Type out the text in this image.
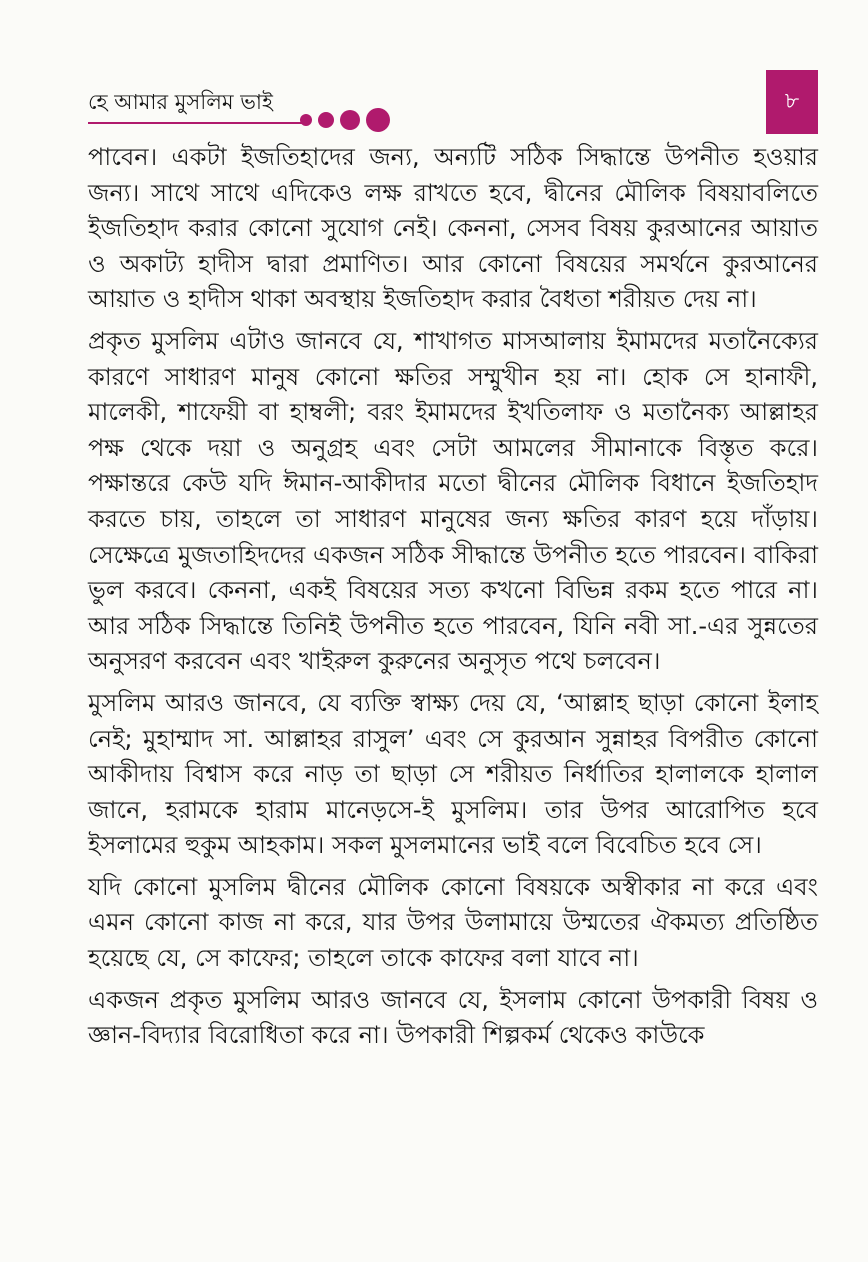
হে আমার মুসলিম ভাই	৮

পাবেন। একটা ইজতিহাদের জন্য, অন্যটি সঠিক সিদ্ধান্তে উপনীত হওয়ার জন্য। সাথে সাথে এদিকেও লক্ষ রাখতে হবে, দ্বীনের মৌলিক বিষয়াবলিতে ইজতিহাদ করার কোনো সুযোগ নেই। কেননা, সেসব বিষয় কুরআনের আয়াত ও অকাট্য হাদীস দ্বারা প্রমাণিত। আর কোনো বিষয়ের সমর্থনে কুরআনের আয়াত ও হাদীস থাকা অবস্থায় ইজতিহাদ করার বৈধতা শরীয়ত দেয় না।

প্রকৃত মুসলিম এটাও জানবে যে, শাখাগত মাসআলায় ইমামদের মতানৈক্যের কারণে সাধারণ মানুষ কোনো ক্ষতির সম্মুখীন হয় না। হোক সে হানাফী, মালেকী, শাফেয়ী বা হাম্বলী; বরং ইমামদের ইখতিলাফ ও মতানৈক্য আল্লাহর পক্ষ থেকে দয়া ও অনুগ্রহ এবং সেটা আমলের সীমানাকে বিস্তৃত করে। পক্ষান্তরে কেউ যদি ঈমান-আকীদার মতো দ্বীনের মৌলিক বিধানে ইজতিহাদ করতে চায়, তাহলে তা সাধারণ মানুষের জন্য ক্ষতির কারণ হয়ে দাঁড়ায়। সেক্ষেত্রে মুজতাহিদদের একজন সঠিক সীদ্ধান্তে উপনীত হতে পারবেন। বাকিরা ভুল করবে। কেননা, একই বিষয়ের সত্য কখনো বিভিন্ন রকম হতে পারে না। আর সঠিক সিদ্ধান্তে তিনিই উপনীত হতে পারবেন, যিনি নবী সা.-এর সুন্নতের অনুসরণ করবেন এবং খাইরুল কুরুনের অনুসৃত পথে চলবেন।

মুসলিম আরও জানবে, যে ব্যক্তি স্বাক্ষ্য দেয় যে, ‘আল্লাহ ছাড়া কোনো ইলাহ নেই; মুহাম্মাদ সা. আল্লাহর রাসুল’ এবং সে কুরআন সুন্নাহর বিপরীত কোনো আকীদায় বিশ্বাস করে নাড় তা ছাড়া সে শরীয়ত নির্ধাতির হালালকে হালাল জানে, হরামকে হারাম মানেড়সে-ই মুসলিম। তার উপর আরোপিত হবে ইসলামের হুকুম আহকাম। সকল মুসলমানের ভাই বলে বিবেচিত হবে সে।

যদি কোনো মুসলিম দ্বীনের মৌলিক কোনো বিষয়কে অস্বীকার না করে এবং এমন কোনো কাজ না করে, যার উপর উলামায়ে উম্মতের ঐকমত্য প্রতিষ্ঠিত হয়েছে যে, সে কাফের; তাহলে তাকে কাফের বলা যাবে না।

একজন প্রকৃত মুসলিম আরও জানবে যে, ইসলাম কোনো উপকারী বিষয় ও জ্ঞান-বিদ্যার বিরোধিতা করে না। উপকারী শিল্পকর্ম থেকেও কাউকে
